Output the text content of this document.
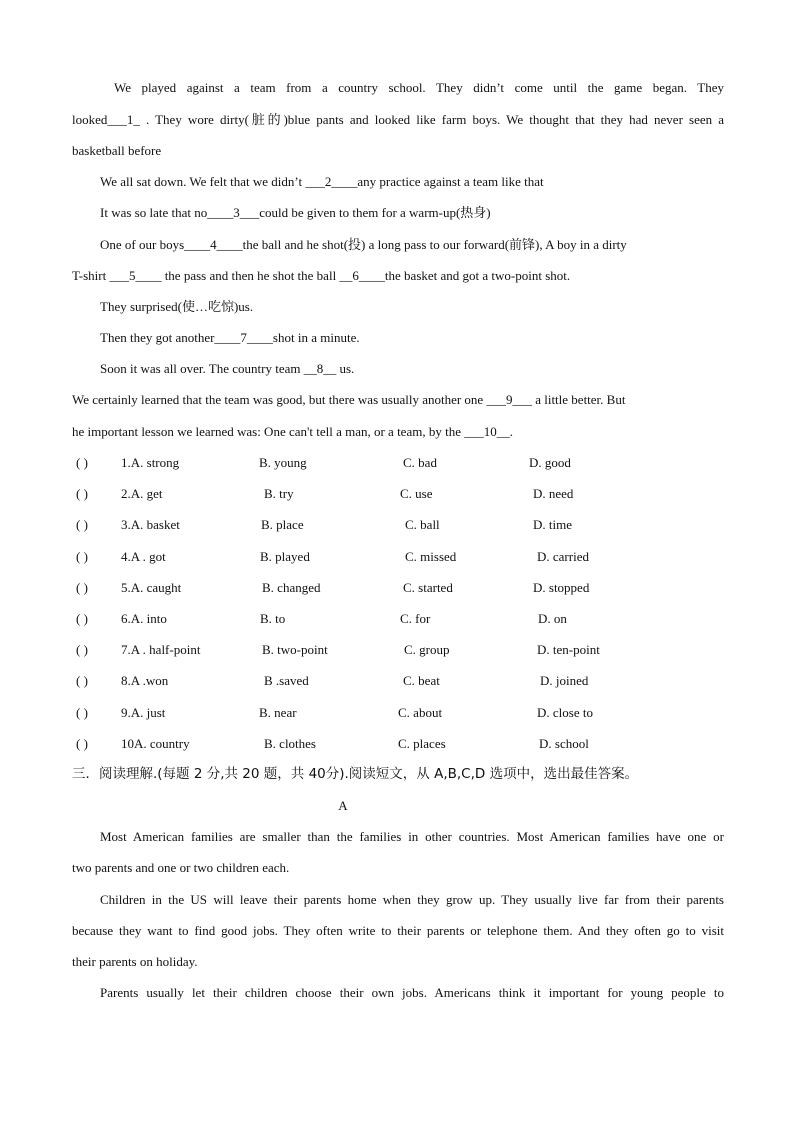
We played against a team from a country school. They didn’t come until the game began. They
looked___1_ . They wore dirty(脏的)blue pants and looked like farm boys. We thought that they had never seen a
basketball before
We all sat down. We felt that we didn’t ___2____any practice against a team like that
It was so late that no____3___could be given to them for a warm-up(热身)
One of our boys____4____the ball and he shot(投) a long pass to our forward(前锋), A boy in a dirty
T-shirt ___5____ the pass and then he shot the ball __6____the basket and got a two-point shot.
They surprised(使…吃惊)us.
Then they got another____7____shot in a minute.
Soon it was all over. The country team __8__ us.
We certainly learned that the team was good, but there was usually another one ___9___ a little better. But
he important lesson we learned was: One can't tell a man, or a team, by the ___10__.
( )	1.A. strong	B. young	C. bad	D. good
( )	2.A. get	B. try	C. use	D. need
( )	3.A. basket	B. place	C. ball	D. time
( )	4.A . got	B. played	C. missed	D. carried
( )	5.A. caught	B. changed	C. started	D. stopped
( )	6.A. into	B. to	C. for	D. on
( )	7.A . half-point	B. two-point	C. group	D. ten-point
( )	8.A .won	B .saved	C. beat	D. joined
( )	9.A. just	B. near	C. about	D. close to
( )	10A. country	B. clothes	C. places	D. school
三．阅读理解.(每题 2 分,共 20 题，共 40分).阅读短文，从 A,B,C,D 选项中，选出最佳答案。
A
Most American families are smaller than the families in other countries. Most American families have one or
two parents and one or two children each.
Children in the US will leave their parents home when they grow up. They usually live far from their parents
because they want to find good jobs. They often write to their parents or telephone them. And they often go to visit
their parents on holiday.
Parents usually let their children choose their own jobs. Americans think it important for young people to
